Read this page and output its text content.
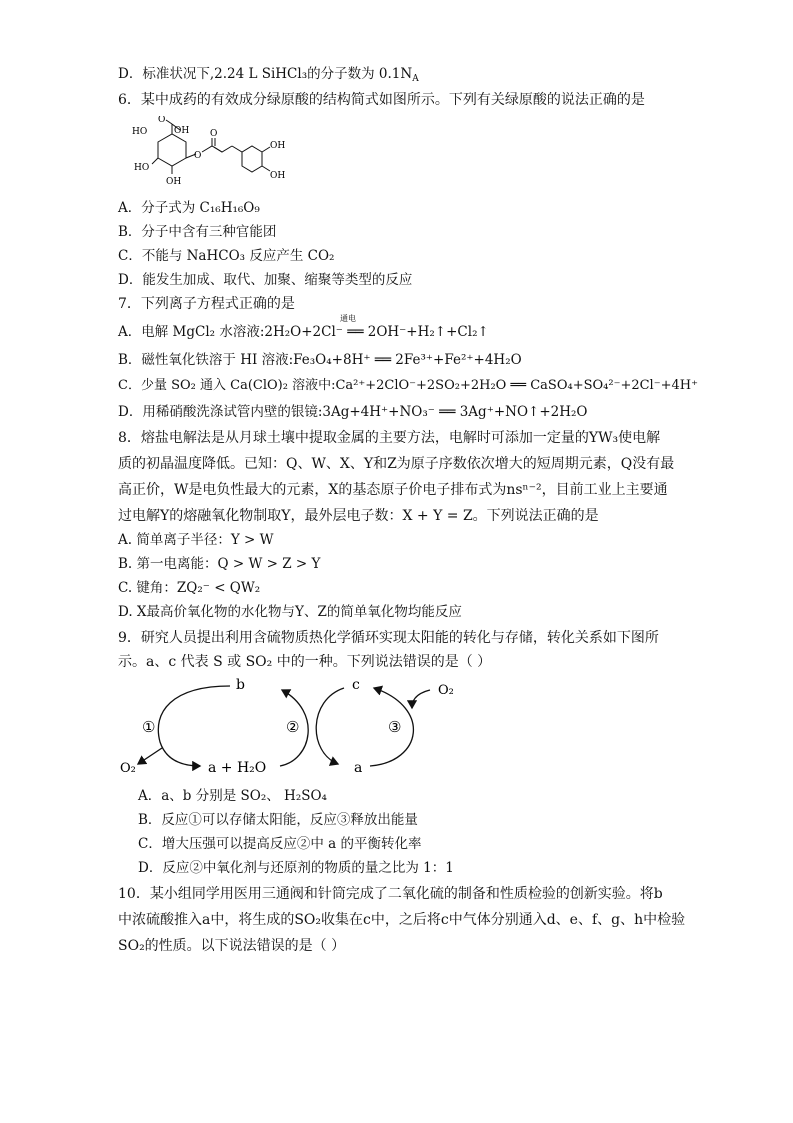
D．标准状况下,2.24 L SiHCl₃的分子数为 $0.1N_A$
6．某中成药的有效成分绿原酸的结构简式如图所示。下列有关绿原酸的说法正确的是
HO
O
OH
O
O
HO
OH
OH
OH
A．分子式为 C₁₆H₁₆O₉
B．分子中含有三种官能团
C．不能与 NaHCO₃ 反应产生 CO₂
D．能发生加成、取代、加聚、缩聚等类型的反应
7．下列离子方程式正确的是
通电
A．电解 MgCl₂ 水溶液:2H₂O+2Cl⁻ ══ 2OH⁻+H₂↑+Cl₂↑
B．磁性氧化铁溶于 HI 溶液:Fe₃O₄+8H⁺ ══ 2Fe³⁺+Fe²⁺+4H₂O
C．少量 SO₂ 通入 Ca(ClO)₂ 溶液中:Ca²⁺+2ClO⁻+2SO₂+2H₂O ══ CaSO₄+SO₄²⁻+2Cl⁻+4H⁺
D．用稀硝酸洗涤试管内壁的银镜:3Ag+4H⁺+NO₃⁻ ══ 3Ag⁺+NO↑+2H₂O
8．熔盐电解法是从月球土壤中提取金属的主要方法，电解时可添加一定量的YW₃使电解
质的初晶温度降低。已知：Q、W、X、Y和Z为原子序数依次增大的短周期元素，Q没有最
高正价，W是电负性最大的元素，X的基态原子价电子排布式为nsⁿ⁻²，目前工业上主要通
过电解Y的熔融氧化物制取Y，最外层电子数：X + Y = Z。下列说法正确的是
A. 简单离子半径：Y > W
B. 第一电离能：Q > W > Z > Y
C. 键角：ZQ₂⁻ < QW₂
D. X最高价氧化物的水化物与Y、Z的简单氧化物均能反应
9．研究人员提出利用含硫物质热化学循环实现太阳能的转化与存储，转化关系如下图所
示。a、c 代表 S 或 SO₂ 中的一种。下列说法错误的是（ ）
b	c
a + H₂O	a
O₂
O₂
①	②	③
A．a、b 分别是 SO₂、 H₂SO₄
B．反应①可以存储太阳能，反应③释放出能量
C．增大压强可以提高反应②中 a 的平衡转化率
D．反应②中氧化剂与还原剂的物质的量之比为 1：1
10．某小组同学用医用三通阀和针筒完成了二氧化硫的制备和性质检验的创新实验。将b
中浓硫酸推入a中，将生成的SO₂收集在c中，之后将c中气体分别通入d、e、f、g、h中检验
SO₂的性质。以下说法错误的是（ ）
